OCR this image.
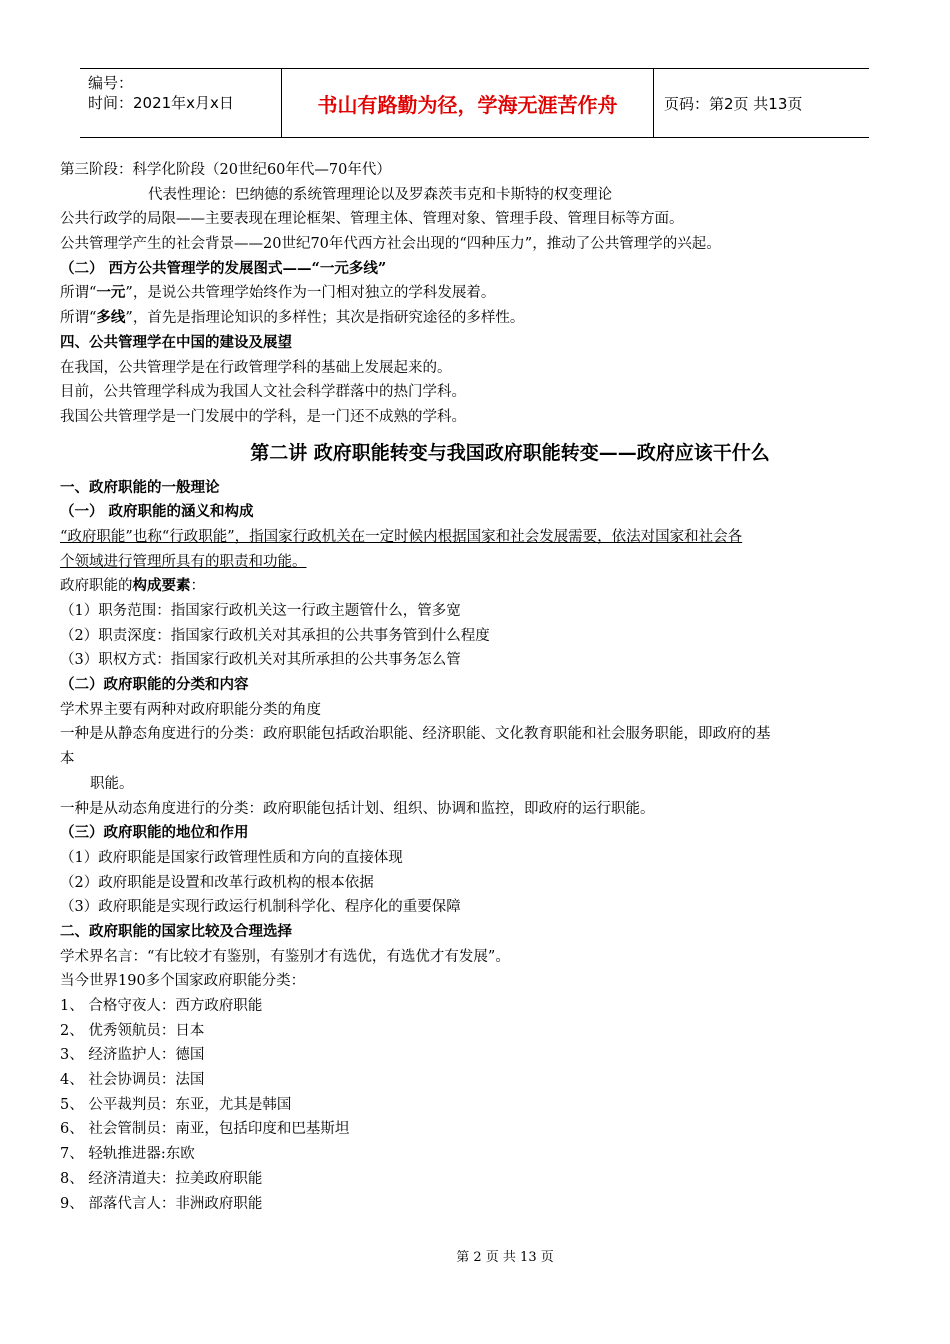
编号：
时间：2021年x月x日	书山有路勤为径，学海无涯苦作舟	页码：第2页 共13页
第三阶段：科学化阶段（20世纪60年代—70年代）
代表性理论：巴纳德的系统管理理论以及罗森茨韦克和卡斯特的权变理论
公共行政学的局限——主要表现在理论框架、管理主体、管理对象、管理手段、管理目标等方面。
公共管理学产生的社会背景——20世纪70年代西方社会出现的“四种压力”，推动了公共管理学的兴起。
（二） 西方公共管理学的发展图式——“一元多线”
所谓“一元”，是说公共管理学始终作为一门相对独立的学科发展着。
所谓“多线”，首先是指理论知识的多样性；其次是指研究途径的多样性。
四、公共管理学在中国的建设及展望
在我国，公共管理学是在行政管理学科的基础上发展起来的。
目前，公共管理学科成为我国人文社会科学群落中的热门学科。
我国公共管理学是一门发展中的学科，是一门还不成熟的学科。
第二讲 政府职能转变与我国政府职能转变——政府应该干什么
一、政府职能的一般理论
（一） 政府职能的涵义和构成
“政府职能”也称“行政职能”，指国家行政机关在一定时候内根据国家和社会发展需要，依法对国家和社会各
个领域进行管理所具有的职责和功能。
政府职能的构成要素：
（1）职务范围：指国家行政机关这一行政主题管什么，管多宽
（2）职责深度：指国家行政机关对其承担的公共事务管到什么程度
（3）职权方式：指国家行政机关对其所承担的公共事务怎么管
（二）政府职能的分类和内容
学术界主要有两种对政府职能分类的角度
一种是从静态角度进行的分类：政府职能包括政治职能、经济职能、文化教育职能和社会服务职能，即政府的基
本
职能。
一种是从动态角度进行的分类：政府职能包括计划、组织、协调和监控，即政府的运行职能。
（三）政府职能的地位和作用
（1）政府职能是国家行政管理性质和方向的直接体现
（2）政府职能是设置和改革行政机构的根本依据
（3）政府职能是实现行政运行机制科学化、程序化的重要保障
二、政府职能的国家比较及合理选择
学术界名言：“有比较才有鉴别，有鉴别才有选优，有选优才有发展”。
当今世界190多个国家政府职能分类：
1、 合格守夜人：西方政府职能
2、 优秀领航员：日本
3、 经济监护人：德国
4、 社会协调员：法国
5、 公平裁判员：东亚，尤其是韩国
6、 社会管制员：南亚，包括印度和巴基斯坦
7、 轻轨推进器:东欧
8、 经济清道夫：拉美政府职能
9、 部落代言人：非洲政府职能
第 2 页 共 13 页
